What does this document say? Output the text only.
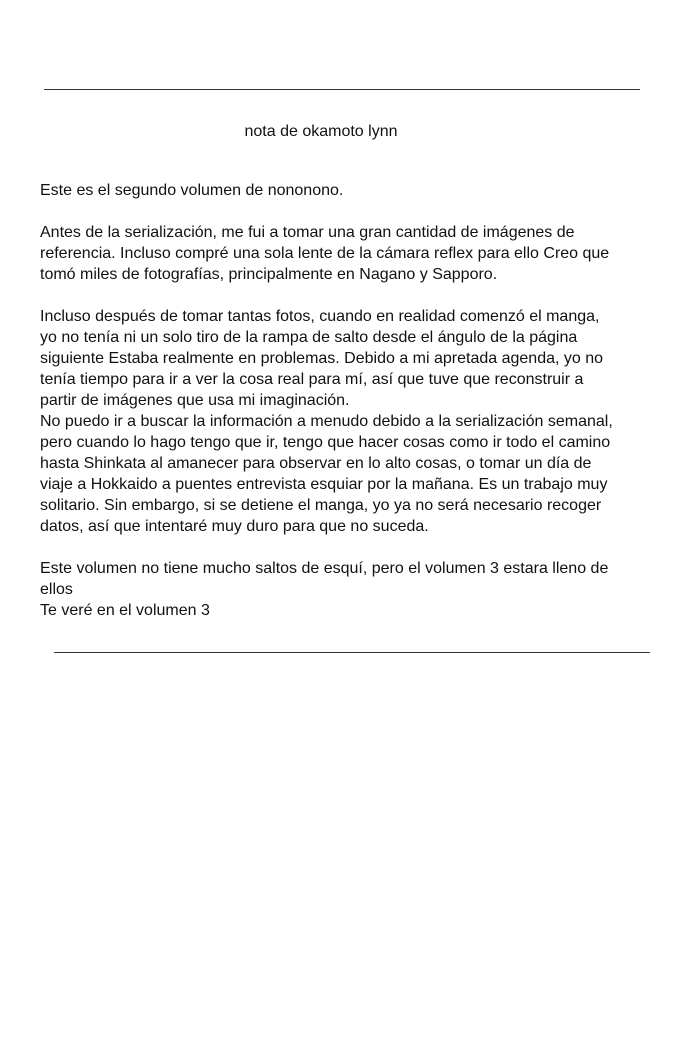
nota de okamoto lynn
Este es el segundo volumen de nononono.
Antes de la serialización, me fui a tomar una gran cantidad de imágenes de
referencia. Incluso compré una sola lente de la cámara reflex para ello Creo que
tomó miles de fotografías, principalmente en Nagano y Sapporo.
Incluso después de tomar tantas fotos, cuando en realidad comenzó el manga,
yo no tenía ni un solo tiro de la rampa de salto desde el ángulo de la página
siguiente Estaba realmente en problemas. Debido a mi apretada agenda, yo no
tenía tiempo para ir a ver la cosa real para mí, así que tuve que reconstruir a
partir de imágenes que usa mi imaginación.
No puedo ir a buscar la información a menudo debido a la serialización semanal,
pero cuando lo hago tengo que ir, tengo que hacer cosas como ir todo el camino
hasta Shinkata al amanecer para observar en lo alto cosas, o tomar un día de
viaje a Hokkaido a puentes entrevista esquiar por la mañana. Es un trabajo muy
solitario. Sin embargo, si se detiene el manga, yo ya no será necesario recoger
datos, así que intentaré muy duro para que no suceda.
Este volumen no tiene mucho saltos de esquí, pero el volumen 3 estara lleno de
ellos
Te veré en el volumen 3
